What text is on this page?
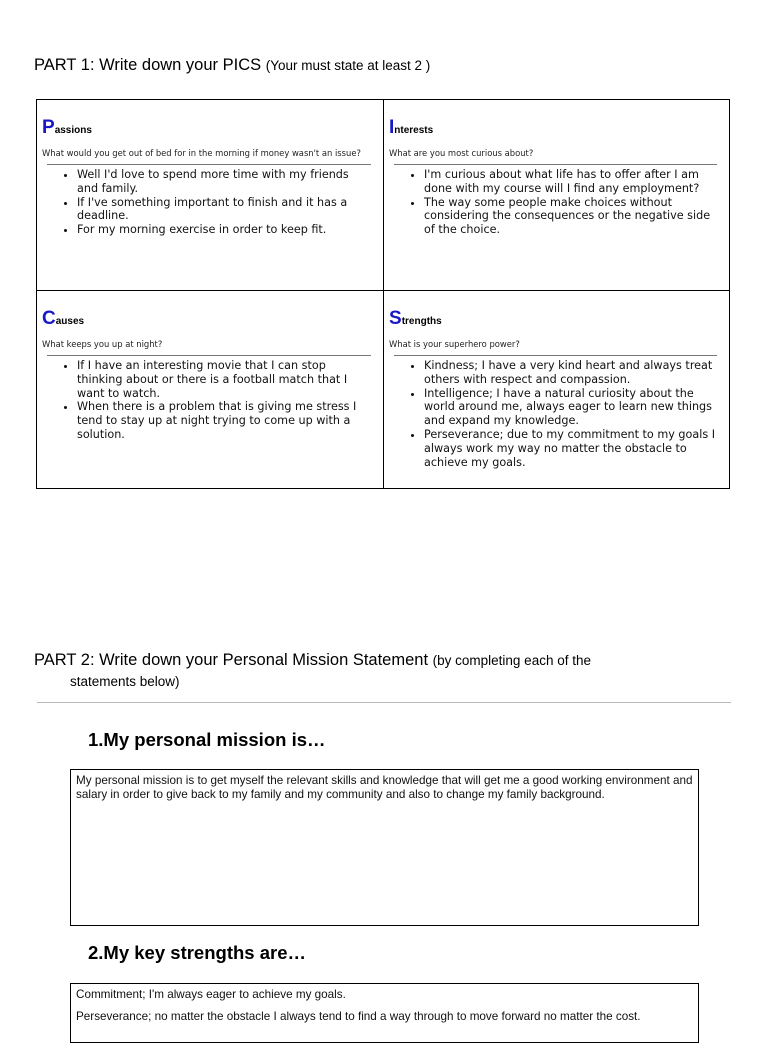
PART 1: Write down your PICS (Your must state at least 2 )
Passions
What would you get out of bed for in the morning if money wasn't an issue?
• Well I'd love to spend more time with my friends and family.
• If I've something important to finish and it has a deadline.
• For my morning exercise in order to keep fit.
Interests
What are you most curious about?
• I'm curious about what life has to offer after I am done with my course will I find any employment?
• The way some people make choices without considering the consequences or the negative side of the choice.
Causes
What keeps you up at night?
• If I have an interesting movie that I can stop thinking about or there is a football match that I want to watch.
• When there is a problem that is giving me stress I tend to stay up at night trying to come up with a solution.
Strengths
What is your superhero power?
• Kindness; I have a very kind heart and always treat others with respect and compassion.
• Intelligence; I have a natural curiosity about the world around me, always eager to learn new things and expand my knowledge.
• Perseverance; due to my commitment to my goals I always work my way no matter the obstacle to achieve my goals.
PART 2: Write down your Personal Mission Statement (by completing each of the
statements below)
1.My personal mission is…
My personal mission is to get myself the relevant skills and knowledge that will get me a good working environment and salary in order to give back to my family and my community and also to change my family background.
2.My key strengths are…

Commitment; I'm always eager to achieve my goals.

Perseverance; no matter the obstacle I always tend to find a way through to move forward no matter the cost.
